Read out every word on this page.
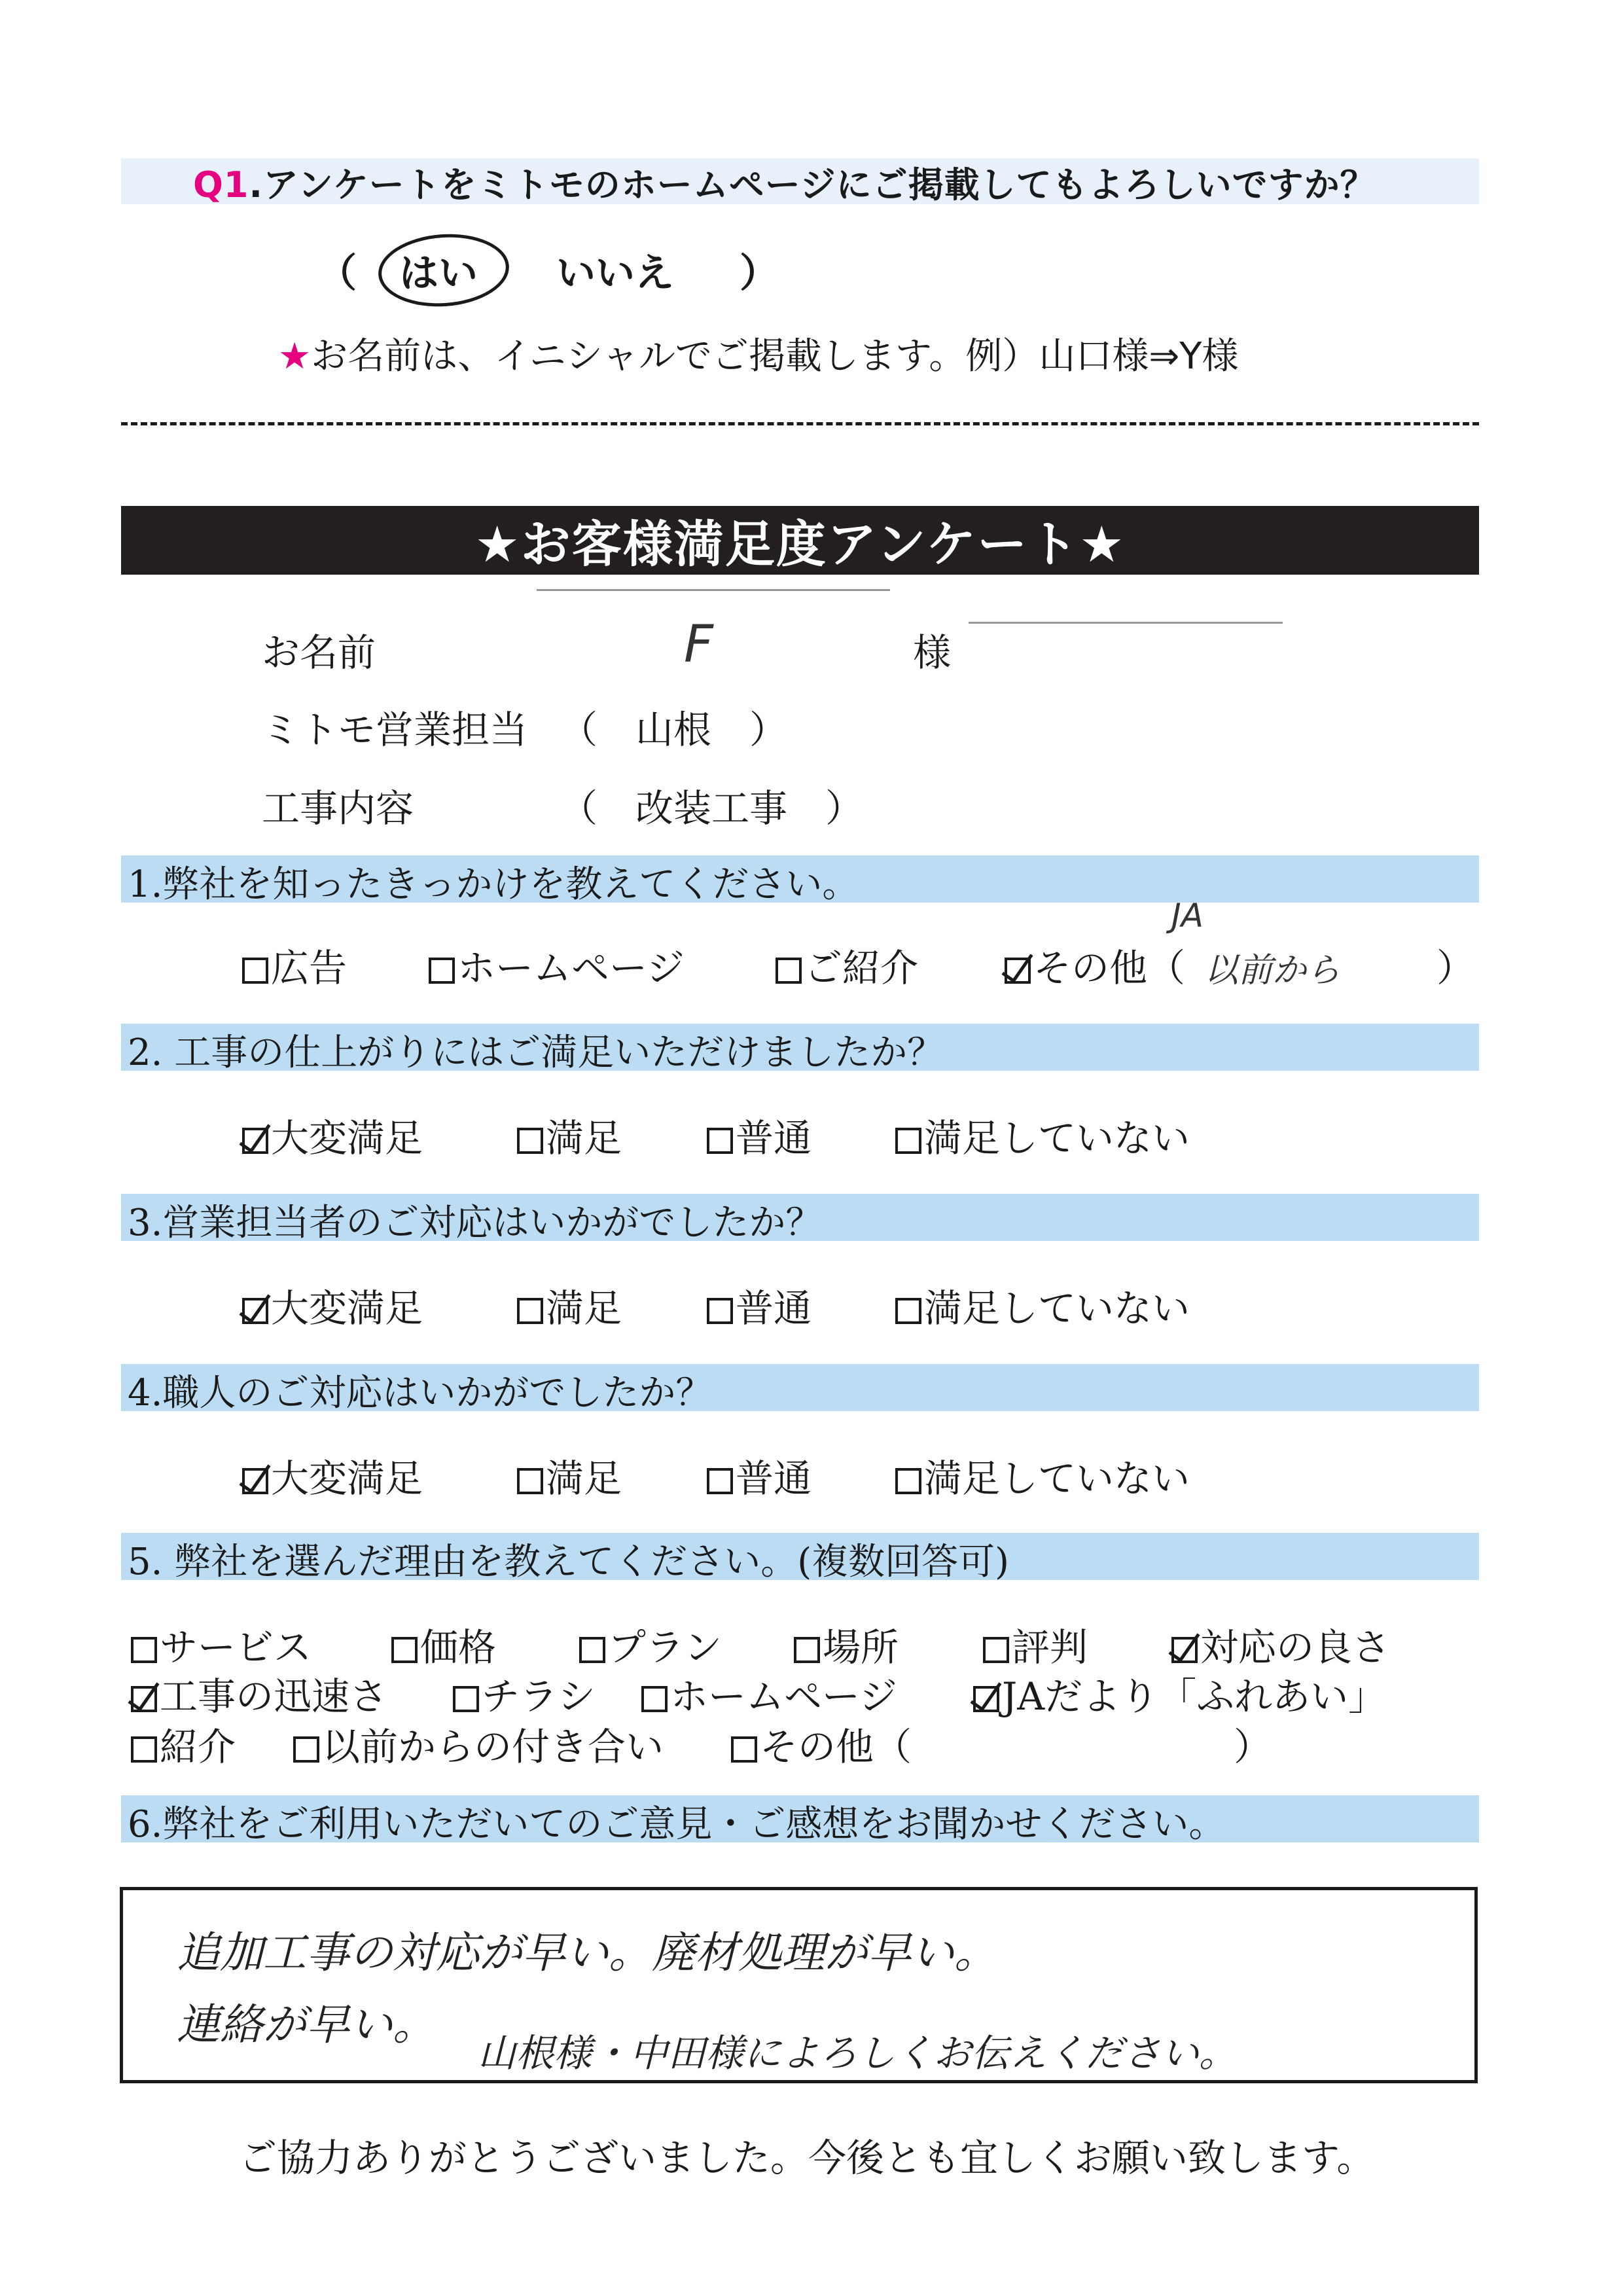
Q1.アンケートをミトモのホームページにご掲載してもよろしいですか？
（ はい いいえ ）
★お名前は、イニシャルでご掲載します。例）山口様⇒Y様
★お客様満足度アンケート★
お名前	F	様
ミトモ営業担当 （　山根　）
工事内容	（　改装工事　）
1.弊社を知ったきっかけを教えてください。
広告	ホームページ	ご紹介	その他（
JA
以前から	）
2. 工事の仕上がりにはご満足いただけましたか？
大変満足	満足	普通	満足していない
3.営業担当者のご対応はいかがでしたか？
大変満足	満足	普通	満足していない
4.職人のご対応はいかがでしたか？
大変満足	満足	普通	満足していない
5. 弊社を選んだ理由を教えてください。(複数回答可)
サービス	価格	プラン	場所	評判	対応の良さ
工事の迅速さ	チラシ	ホームページ	JAだより「ふれあい」
紹介	以前からの付き合い	その他（	）
6.弊社をご利用いただいてのご意見・ご感想をお聞かせください。
追加工事の対応が早い。廃材処理が早い。
連絡が早い。
山根様・中田様によろしくお伝えください。
ご協力ありがとうございました。今後とも宜しくお願い致します。
